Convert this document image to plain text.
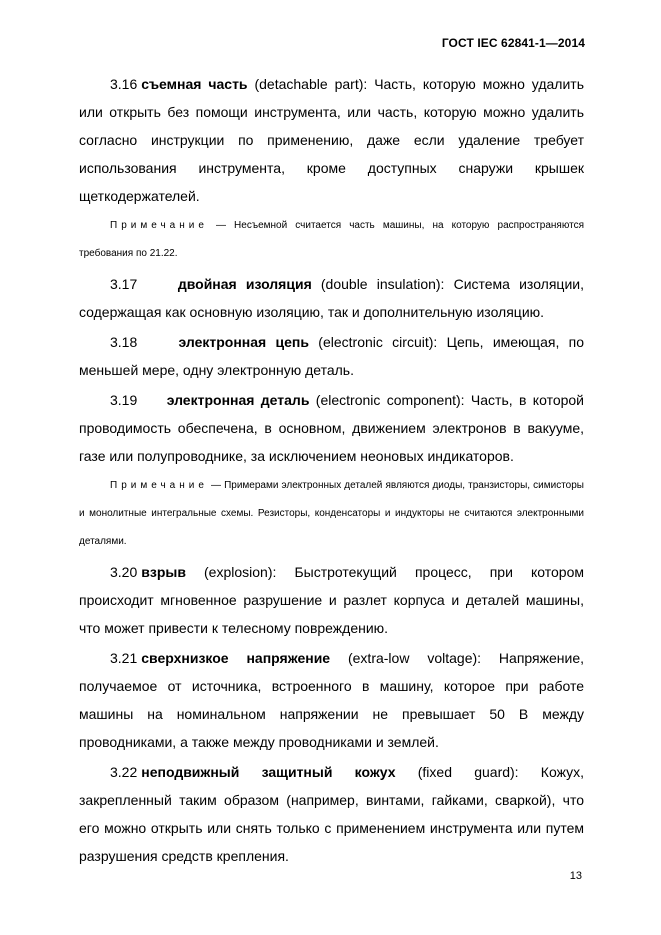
ГОСТ IEC 62841-1—2014

3.16 съемная часть (detachable part): Часть, которую можно удалить или открыть без помощи инструмента, или часть, которую можно удалить согласно инструкции по применению, даже если удаление требует использования инструмента, кроме доступных снаружи крышек щеткодержателей.

Примечание — Несъемной считается часть машины, на которую распространяются требования по 21.22.

3.17	двойная изоляция (double insulation): Система изоляции, содержащая как основную изоляцию, так и дополнительную изоляцию.

3.18	электронная цепь (electronic circuit): Цепь, имеющая, по меньшей мере, одну электронную деталь.

3.19 электронная деталь (electronic component): Часть, в которой проводимость обеспечена, в основном, движением электронов в вакууме, газе или полупроводнике, за исключением неоновых индикаторов.

Примечание — Примерами электронных деталей являются диоды, транзисторы, симисторы и монолитные интегральные схемы. Резисторы, конденсаторы и индукторы не считаются электронными деталями.

3.20 взрыв (explosion): Быстротекущий процесс, при котором происходит мгновенное разрушение и разлет корпуса и деталей машины, что может привести к телесному повреждению.

3.21 сверхнизкое напряжение (extra-low voltage): Напряжение, получаемое от источника, встроенного в машину, которое при работе машины на номинальном напряжении не превышает 50 В между проводниками, а также между проводниками и землей.

3.22 неподвижный защитный кожух (fixed guard): Кожух, закрепленный таким образом (например, винтами, гайками, сваркой), что его можно открыть или снять только с применением инструмента или путем разрушения средств крепления.

13
